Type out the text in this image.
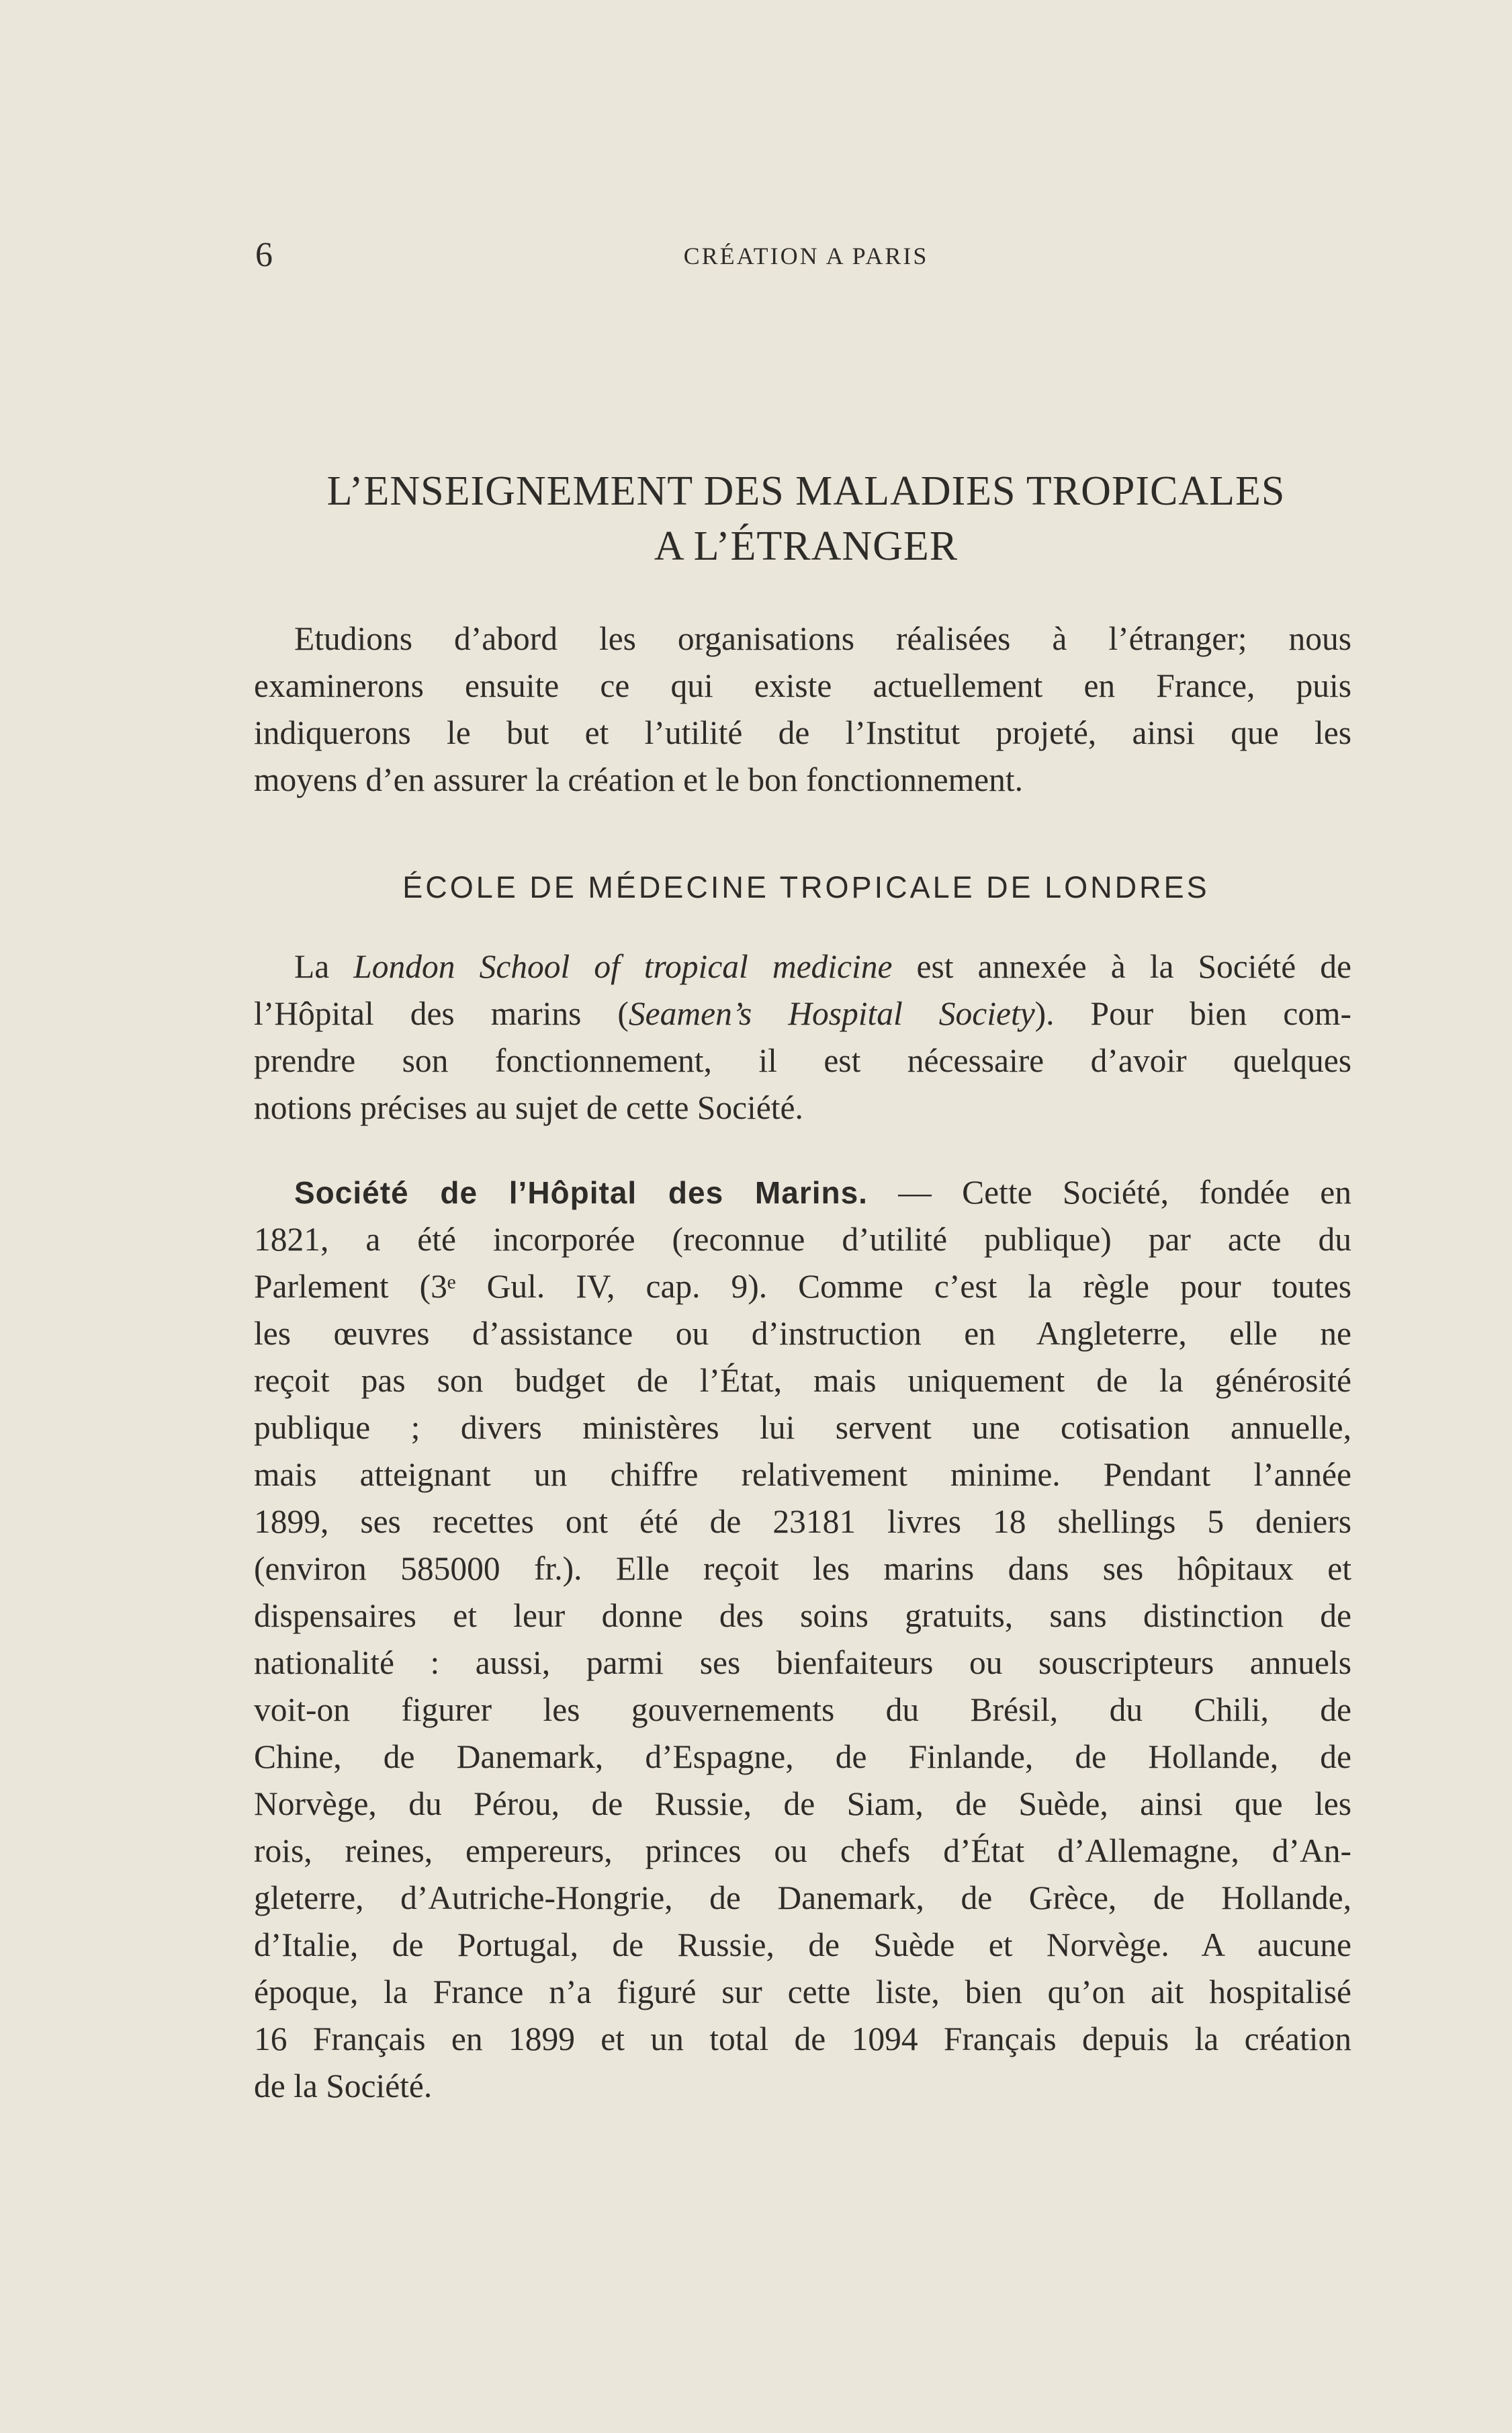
6	CRÉATION A PARIS
L’ENSEIGNEMENT DES MALADIES TROPICALES
A L’ÉTRANGER
Etudions d’abord les organisations réalisées à l’étranger; nous
examinerons ensuite ce qui existe actuellement en France, puis
indiquerons le but et l’utilité de l’Institut projeté, ainsi que les
moyens d’en assurer la création et le bon fonctionnement.
ÉCOLE DE MÉDECINE TROPICALE DE LONDRES
La London School of tropical medicine est annexée à la Société de
l’Hôpital des marins (Seamen’s Hospital Society). Pour bien com-
prendre son fonctionnement, il est nécessaire d’avoir quelques
notions précises au sujet de cette Société.
Société de l’Hôpital des Marins. — Cette Société, fondée en
1821, a été incorporée (reconnue d’utilité publique) par acte du
Parlement (3ᵉ Gul. IV, cap. 9). Comme c’est la règle pour toutes
les œuvres d’assistance ou d’instruction en Angleterre, elle ne
reçoit pas son budget de l’État, mais uniquement de la générosité
publique ; divers ministères lui servent une cotisation annuelle,
mais atteignant un chiffre relativement minime. Pendant l’année
1899, ses recettes ont été de 23181 livres 18 shellings 5 deniers
(environ 585000 fr.). Elle reçoit les marins dans ses hôpitaux et
dispensaires et leur donne des soins gratuits, sans distinction de
nationalité : aussi, parmi ses bienfaiteurs ou souscripteurs annuels
voit-on figurer les gouvernements du Brésil, du Chili, de
Chine, de Danemark, d’Espagne, de Finlande, de Hollande, de
Norvège, du Pérou, de Russie, de Siam, de Suède, ainsi que les
rois, reines, empereurs, princes ou chefs d’État d’Allemagne, d’An-
gleterre, d’Autriche-Hongrie, de Danemark, de Grèce, de Hollande,
d’Italie, de Portugal, de Russie, de Suède et Norvège. A aucune
époque, la France n’a figuré sur cette liste, bien qu’on ait hospitalisé
16 Français en 1899 et un total de 1094 Français depuis la création
de la Société.
